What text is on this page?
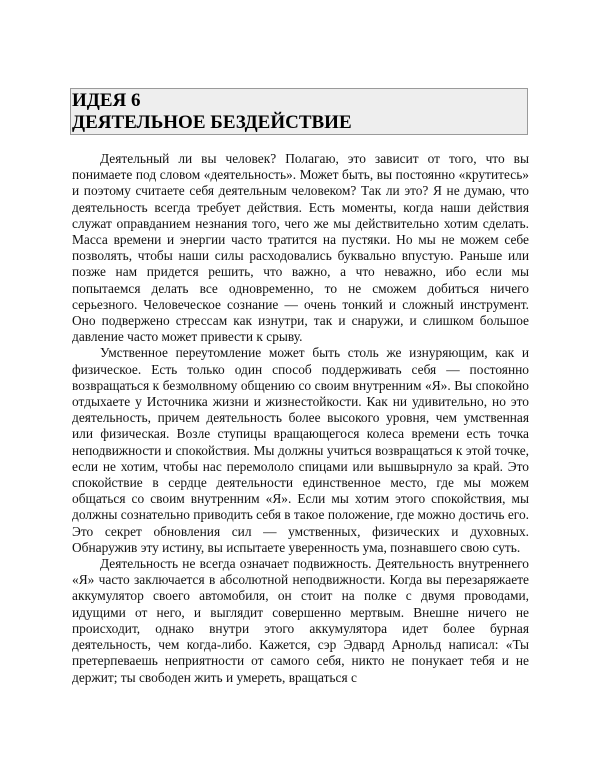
ИДЕЯ 6
ДЕЯТЕЛЬНОЕ БЕЗДЕЙСТВИЕ

Деятельный ли вы человек? Полагаю, это зависит от того, что вы понимаете под словом «деятельность». Может быть, вы постоянно «крутитесь» и поэтому считаете себя деятельным человеком? Так ли это? Я не думаю, что деятельность всегда требует действия. Есть моменты, когда наши действия служат оправданием незнания того, чего же мы действительно хотим сделать. Масса времени и энергии часто тратится на пустяки. Но мы не можем себе позволять, чтобы наши силы расходовались буквально впустую. Раньше или позже нам придется решить, что важно, а что неважно, ибо если мы попытаемся делать все одновременно, то не сможем добиться ничего серьезного. Человеческое сознание — очень тонкий и сложный инструмент. Оно подвержено стрессам как изнутри, так и снаружи, и слишком большое давление часто может привести к срыву.

Умственное переутомление может быть столь же изнуряющим, как и физическое. Есть только один способ поддерживать себя — постоянно возвращаться к безмолвному общению со своим внутренним «Я». Вы спокойно отдыхаете у Источника жизни и жизнестойкости. Как ни удивительно, но это деятельность, причем деятельность более высокого уровня, чем умственная или физическая. Возле ступицы вращающегося колеса времени есть точка неподвижности и спокойствия. Мы должны учиться возвращаться к этой точке, если не хотим, чтобы нас перемололо спицами или вышвырнуло за край. Это спокойствие в сердце деятельности единственное место, где мы можем общаться со своим внутренним «Я». Если мы хотим этого спокойствия, мы должны сознательно приводить себя в такое положение, где можно достичь его. Это секрет обновления сил — умственных, физических и духовных. Обнаружив эту истину, вы испытаете уверенность ума, познавшего свою суть.

Деятельность не всегда означает подвижность. Деятельность внутреннего «Я» часто заключается в абсолютной неподвижности. Когда вы перезаряжаете аккумулятор своего автомобиля, он стоит на полке с двумя проводами, идущими от него, и выглядит совершенно мертвым. Внешне ничего не происходит, однако внутри этого аккумулятора идет более бурная деятельность, чем когда-либо. Кажется, сэр Эдвард Арнольд написал: «Ты претерпеваешь неприятности от самого себя, никто не понукает тебя и не держит; ты свободен жить и умереть, вращаться с
